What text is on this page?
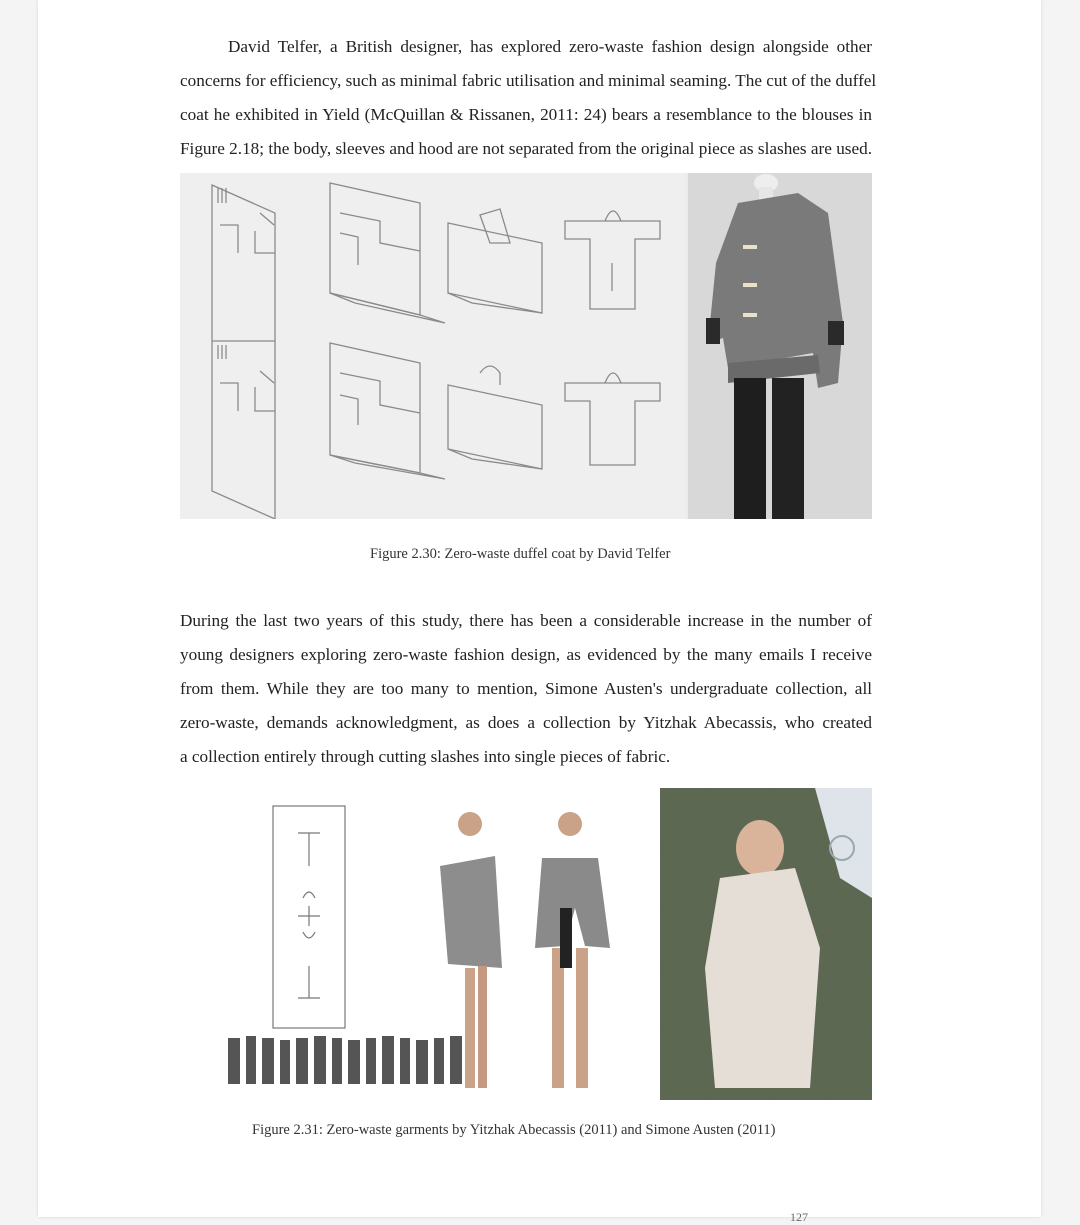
David Telfer, a British designer, has explored zero-waste fashion design alongside other
concerns for efficiency, such as minimal fabric utilisation and minimal seaming. The cut of the duffel
coat he exhibited in Yield (McQuillan & Rissanen, 2011: 24) bears a resemblance to the blouses in
Figure 2.18; the body, sleeves and hood are not separated from the original piece as slashes are used.

Figure 2.30: Zero-waste duffel coat by David Telfer

During the last two years of this study, there has been a considerable increase in the number of
young designers exploring zero-waste fashion design, as evidenced by the many emails I receive
from them. While they are too many to mention, Simone Austen's undergraduate collection, all
zero-waste, demands acknowledgment, as does a collection by Yitzhak Abecassis, who created
a collection entirely through cutting slashes into single pieces of fabric.

Figure 2.31: Zero-waste garments by Yitzhak Abecassis (2011) and Simone Austen (2011)
127
